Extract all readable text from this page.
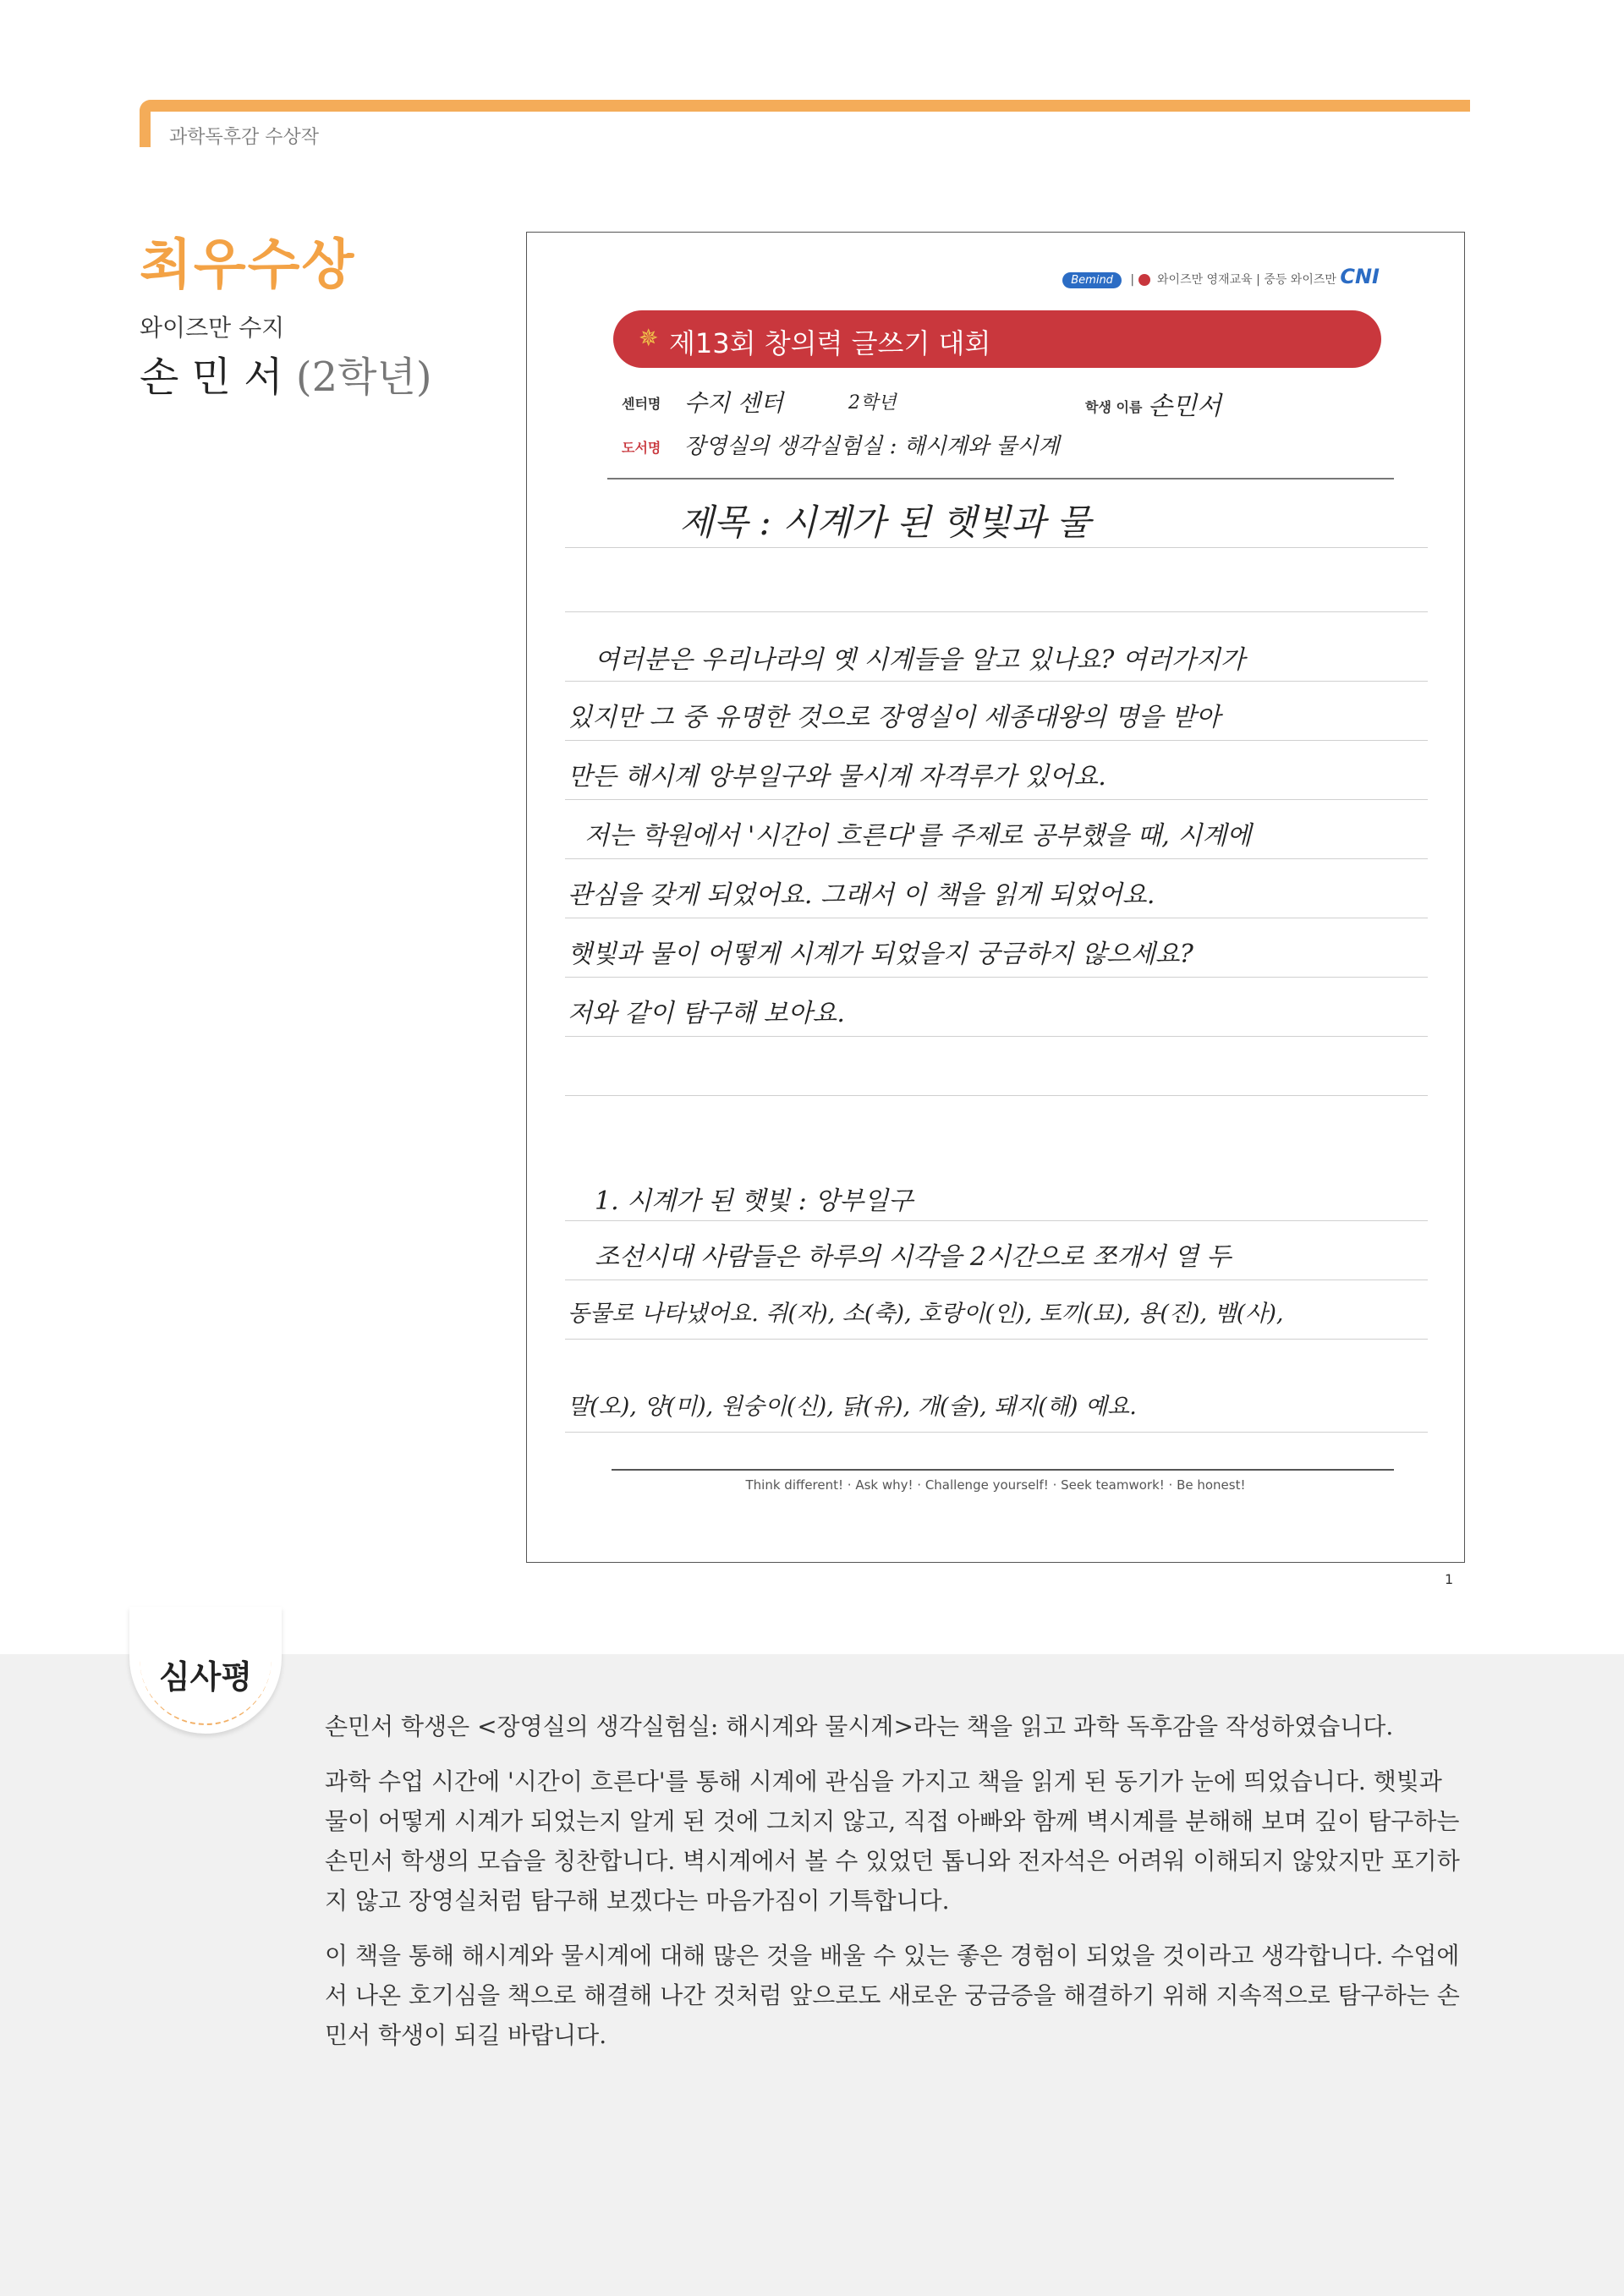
과학독후감 수상작
최우수상
와이즈만 수지
손 민 서 (2학년)
Bemind |  와이즈만 영재교육 | 중등 와이즈만 CNI
✵ 제13회 창의력 글쓰기 대회
센터명 수지 센터	2학년	학생 이름 손민서
도서명 장영실의 생각실험실 : 해시계와 물시계
제목 : 시계가 된 햇빛과 물
여러분은 우리나라의 옛 시계들을 알고 있나요? 여러가지가
있지만 그 중 유명한 것으로 장영실이 세종대왕의 명을 받아
만든 해시계 앙부일구와 물시계 자격루가 있어요.
저는 학원에서 '시간이 흐른다'를 주제로 공부했을 때, 시계에
관심을 갖게 되었어요. 그래서 이 책을 읽게 되었어요.
햇빛과 물이 어떻게 시계가 되었을지 궁금하지 않으세요?
저와 같이 탐구해 보아요.
1. 시계가 된 햇빛 : 앙부일구
조선시대 사람들은 하루의 시각을 2시간으로 쪼개서 열 두
동물로 나타냈어요. 쥐(자), 소(축), 호랑이(인), 토끼(묘), 용(진), 뱀(사),
말(오), 양(미), 원숭이(신), 닭(유), 개(술), 돼지(해) 예요.
Think different! · Ask why! · Challenge yourself! · Seek teamwork! · Be honest!
1
심사평

손민서 학생은 <장영실의 생각실험실: 해시계와 물시계>라는 책을 읽고 과학 독후감을 작성하였습니다.

과학 수업 시간에 '시간이 흐른다'를 통해 시계에 관심을 가지고 책을 읽게 된 동기가 눈에 띄었습니다. 햇빛과 물이 어떻게 시계가 되었는지 알게 된 것에 그치지 않고, 직접 아빠와 함께 벽시계를 분해해 보며 깊이 탐구하는 손민서 학생의 모습을 칭찬합니다. 벽시계에서 볼 수 있었던 톱니와 전자석은 어려워 이해되지 않았지만 포기하지 않고 장영실처럼 탐구해 보겠다는 마음가짐이 기특합니다.

이 책을 통해 해시계와 물시계에 대해 많은 것을 배울 수 있는 좋은 경험이 되었을 것이라고 생각합니다. 수업에서 나온 호기심을 책으로 해결해 나간 것처럼 앞으로도 새로운 궁금증을 해결하기 위해 지속적으로 탐구하는 손민서 학생이 되길 바랍니다.
